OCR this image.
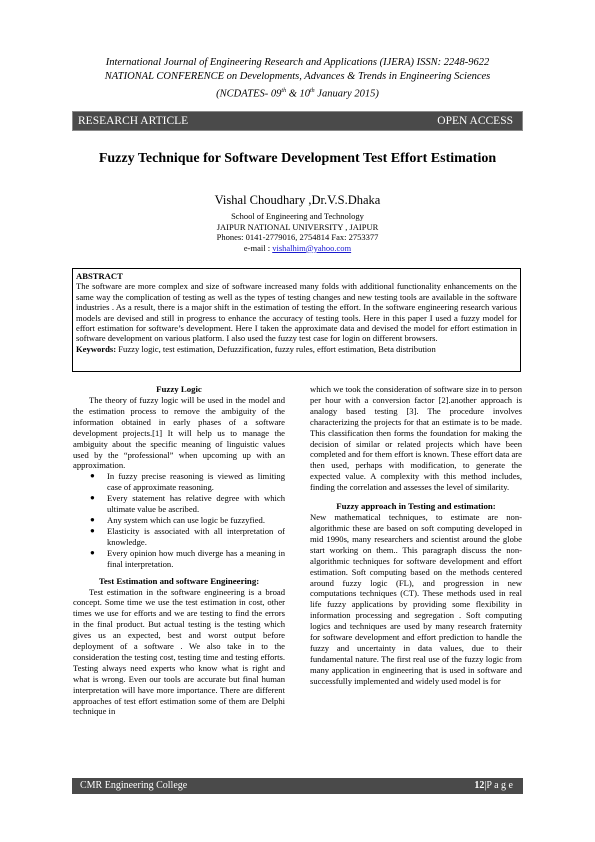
International Journal of Engineering Research and Applications (IJERA) ISSN: 2248-9622
NATIONAL CONFERENCE on Developments, Advances & Trends in Engineering Sciences
(NCDATES- 09th & 10th January 2015)
RESEARCH ARTICLE	OPEN ACCESS
Fuzzy Technique for Software Development Test Effort Estimation
Vishal Choudhary ,Dr.V.S.Dhaka
School of Engineering and Technology
JAIPUR NATIONAL UNIVERSITY , JAIPUR
Phones: 0141-2779016, 2754814 Fax: 2753377
e-mail : vishalhim@yahoo.com
ABSTRACT
The software are more complex and size of software increased many folds with additional functionality enhancements on the same way the complication of testing as well as the types of testing changes and new testing tools are available in the software industries . As a result, there is a major shift in the estimation of testing the effort. In the software engineering research various models are devised and still in progress to enhance the accuracy of testing tools. Here in this paper I used a fuzzy model for effort estimation for software’s development. Here I taken the approximate data and devised the model for effort estimation in software development on various platform. I also used the fuzzy test case for login on different browsers.
Keywords: Fuzzy logic, test estimation, Defuzzification, fuzzy rules, effort estimation, Beta distribution
Fuzzy Logic

The theory of fuzzy logic will be used in the model and the estimation process to remove the ambiguity of the information obtained in early phases of a software development projects.[1] It will help us to manage the ambiguity about the specific meaning of linguistic values used by the “professional” when upcoming up with an approximation.

● In fuzzy precise reasoning is viewed as limiting case of approximate reasoning.
● Every statement has relative degree with which ultimate value be ascribed.
● Any system which can use logic be fuzzyfied.
● Elasticity is associated with all interpretation of knowledge.
● Every opinion how much diverge has a meaning in final interpretation.
Test Estimation and software Engineering:

Test estimation in the software engineering is a broad concept. Some time we use the test estimation in cost, other times we use for efforts and we are testing to find the errors in the final product. But actual testing is the testing which gives us an expected, best and worst output before deployment of a software . We also take in to the consideration the testing cost, testing time and testing efforts. Testing always need experts who know what is right and what is wrong. Even our tools are accurate but final human interpretation will have more importance. There are different approaches of test effort estimation some of them are Delphi technique in

which we took the consideration of software size in to person per hour with a conversion factor [2].another approach is analogy based testing [3]. The procedure involves characterizing the projects for that an estimate is to be made. This classification then forms the foundation for making the decision of similar or related projects which have been completed and for them effort is known. These effort data are then used, perhaps with modification, to generate the expected value. A complexity with this method includes, finding the correlation and assesses the level of similarity.

Fuzzy approach in Testing and estimation:

New mathematical techniques, to estimate are non-algorithmic these are based on soft computing developed in mid 1990s, many researchers and scientist around the globe start working on them.. This paragraph discuss the non-algorithmic techniques for software development and effort estimation. Soft computing based on the methods centered around fuzzy logic (FL), and progression in new computations techniques (CT). These methods used in real life fuzzy applications by providing some flexibility in information processing and segregation . Soft computing logics and techniques are used by many research fraternity for software development and effort prediction to handle the fuzzy and uncertainty in data values, due to their fundamental nature. The first real use of the fuzzy logic from many application in engineering that is used in software and successfully implemented and widely used model is for

CMR Engineering College	12|P a g e
